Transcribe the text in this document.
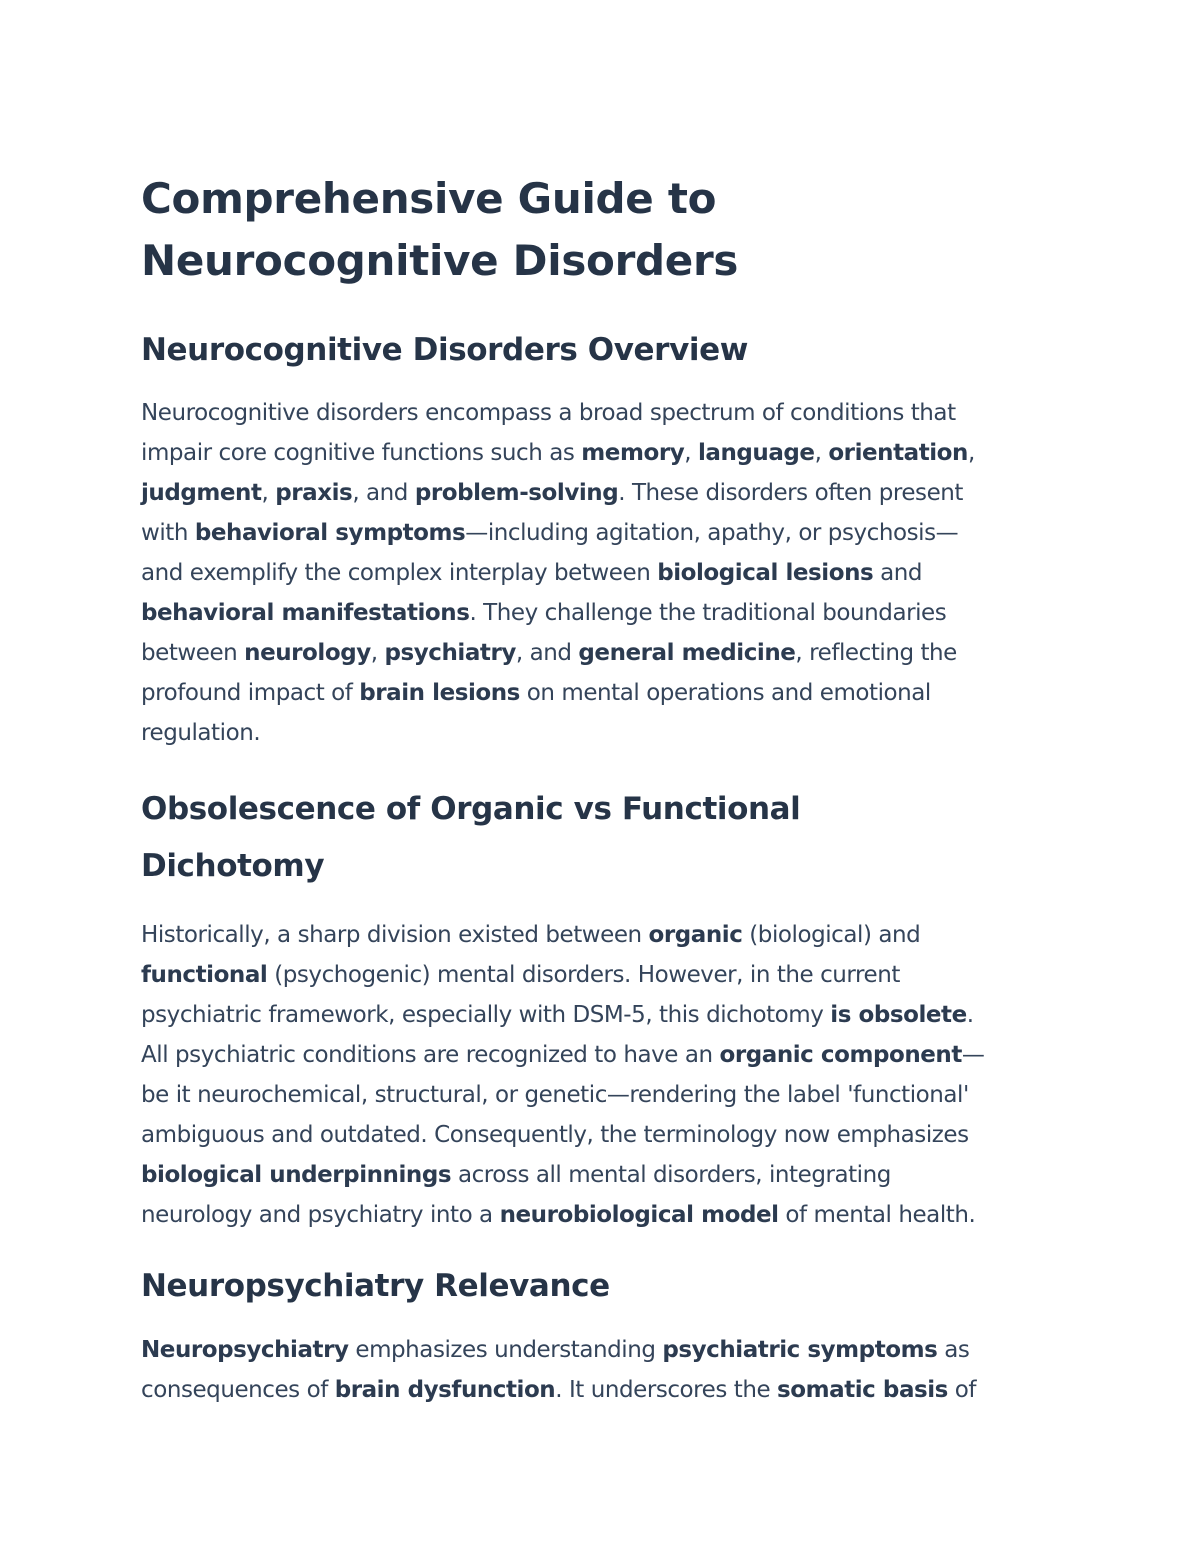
Comprehensive Guide to
Neurocognitive Disorders
Neurocognitive Disorders Overview

Neurocognitive disorders encompass a broad spectrum of conditions that
impair core cognitive functions such as memory, language, orientation,
judgment, praxis, and problem-solving. These disorders often present
with behavioral symptoms—including agitation, apathy, or psychosis—
and exemplify the complex interplay between biological lesions and
behavioral manifestations. They challenge the traditional boundaries
between neurology, psychiatry, and general medicine, reflecting the
profound impact of brain lesions on mental operations and emotional
regulation.

Obsolescence of Organic vs Functional
Dichotomy

Historically, a sharp division existed between organic (biological) and
functional (psychogenic) mental disorders. However, in the current
psychiatric framework, especially with DSM-5, this dichotomy is obsolete.
All psychiatric conditions are recognized to have an organic component—
be it neurochemical, structural, or genetic—rendering the label 'functional'
ambiguous and outdated. Consequently, the terminology now emphasizes
biological underpinnings across all mental disorders, integrating
neurology and psychiatry into a neurobiological model of mental health.

Neuropsychiatry Relevance

Neuropsychiatry emphasizes understanding psychiatric symptoms as
consequences of brain dysfunction. It underscores the somatic basis of
